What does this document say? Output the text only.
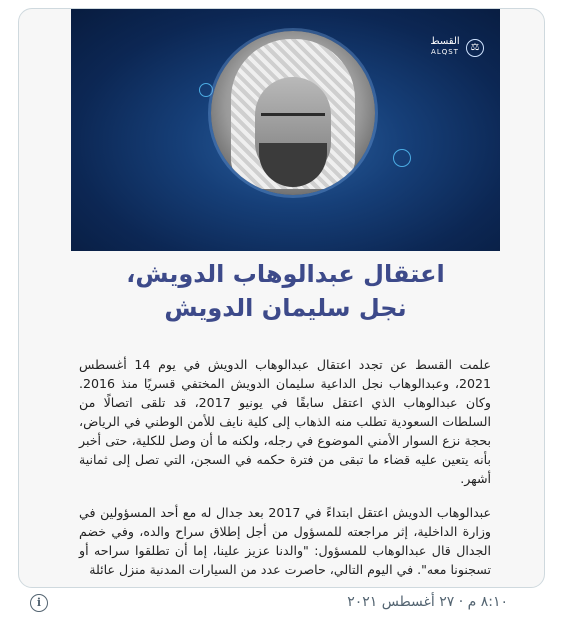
القسط
ALQST	⚖
اعتقال عبدالوهاب الدويش،
نجل سليمان الدويش
علمت القسط عن تجدد اعتقال عبدالوهاب الدويش في يوم 14 أغسطس 2021، وعبدالوهاب نجل الداعية سليمان الدويش المختفي قسريًا منذ 2016. وكان عبدالوهاب الذي اعتقل سابقًا في يونيو 2017، قد تلقى اتصالًا من السلطات السعودية تطلب منه الذهاب إلى كلية نايف للأمن الوطني في الرياض، بحجة نزع السوار الأمني الموضوع في رجله، ولكنه ما أن وصل للكلية، حتى أخبر بأنه يتعين عليه قضاء ما تبقى من فترة حكمه في السجن، التي تصل إلى ثمانية أشهر.
عبدالوهاب الدويش اعتقل ابتداءً في 2017 بعد جدال له مع أحد المسؤولين في وزارة الداخلية، إثر مراجعته للمسؤول من أجل إطلاق سراح والده، وفي خضم الجدال قال عبدالوهاب للمسؤول: "والدنا عزيز علينا، إما أن تطلقوا سراحه أو تسجنونا معه". في اليوم التالي، حاصرت عدد من السيارات المدنية منزل عائلة
i	٨:١٠ م · ٢٧ أغسطس ٢٠٢١
